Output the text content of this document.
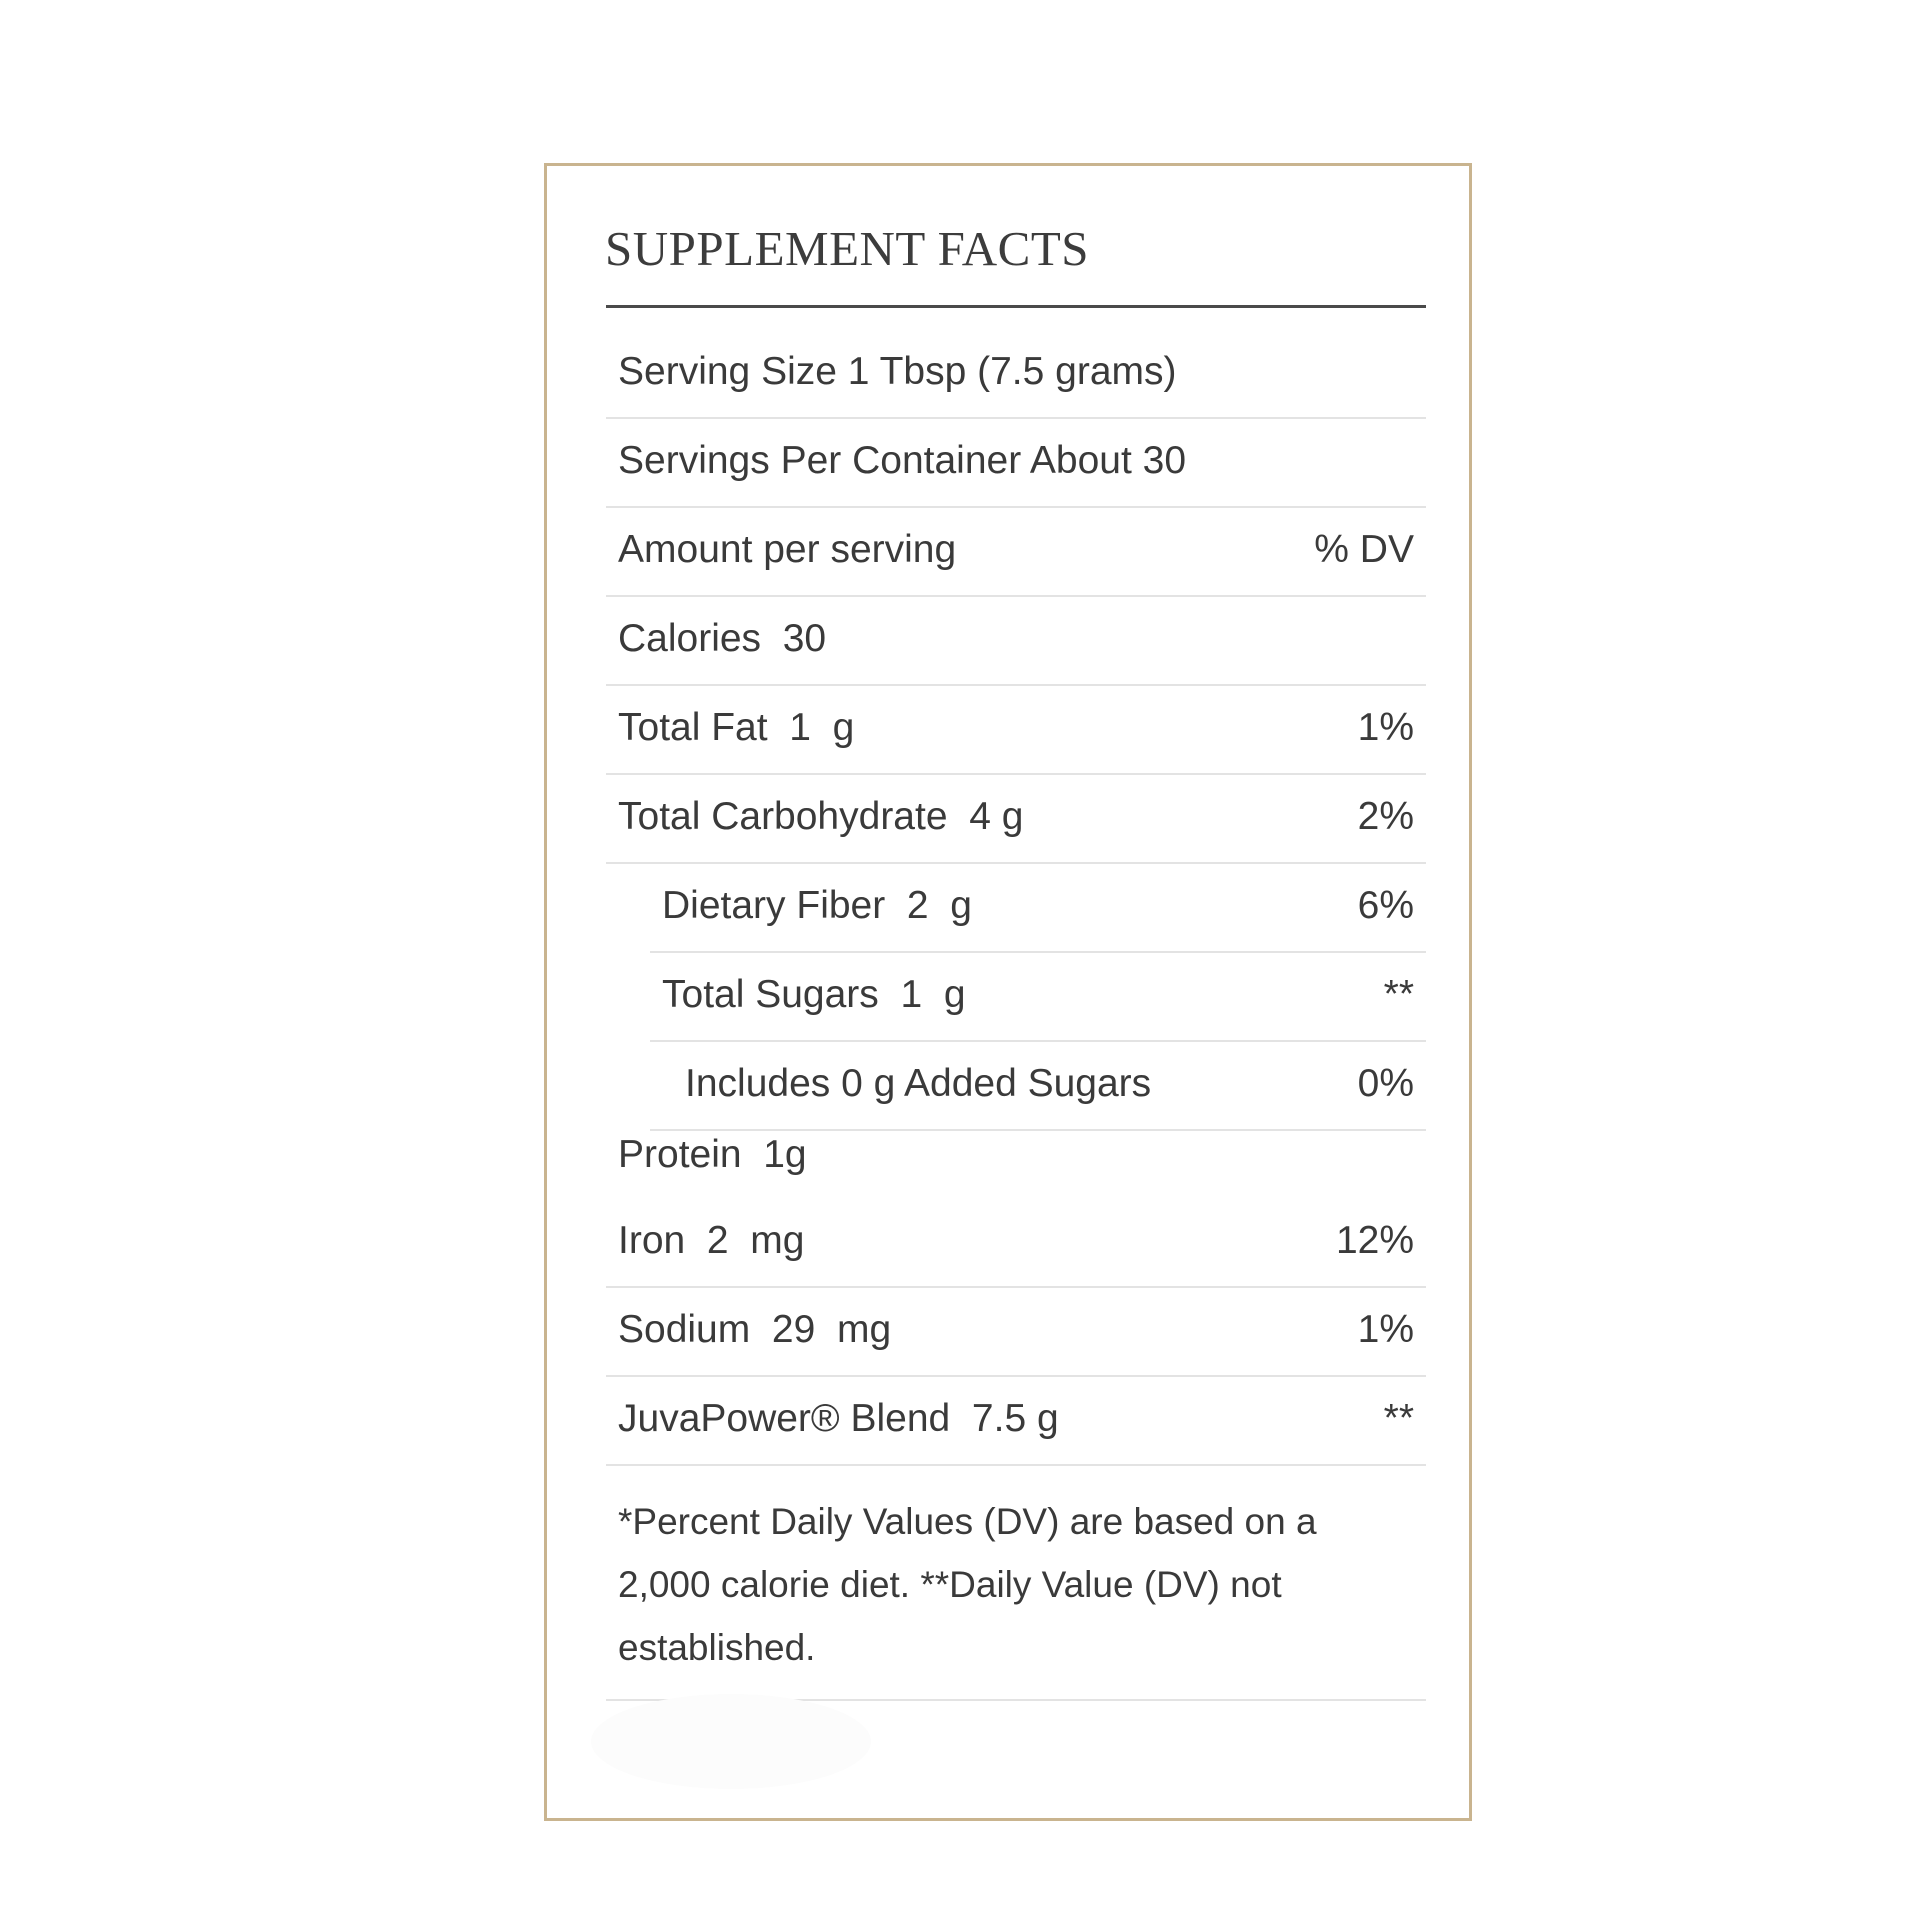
SUPPLEMENT FACTS
Serving Size 1 Tbsp (7.5 grams)
Servings Per Container About 30
Amount per serving	% DV
Calories  30
Total Fat  1  g	1%
Total Carbohydrate  4 g	2%
Dietary Fiber  2  g	6%
Total Sugars  1  g	**
Includes 0 g Added Sugars	0%
Protein  1g
Iron  2  mg	12%
Sodium  29  mg	1%
JuvaPower® Blend  7.5 g	**
*Percent Daily Values (DV) are based on a 2,000 calorie diet. **Daily Value (DV) not established.
